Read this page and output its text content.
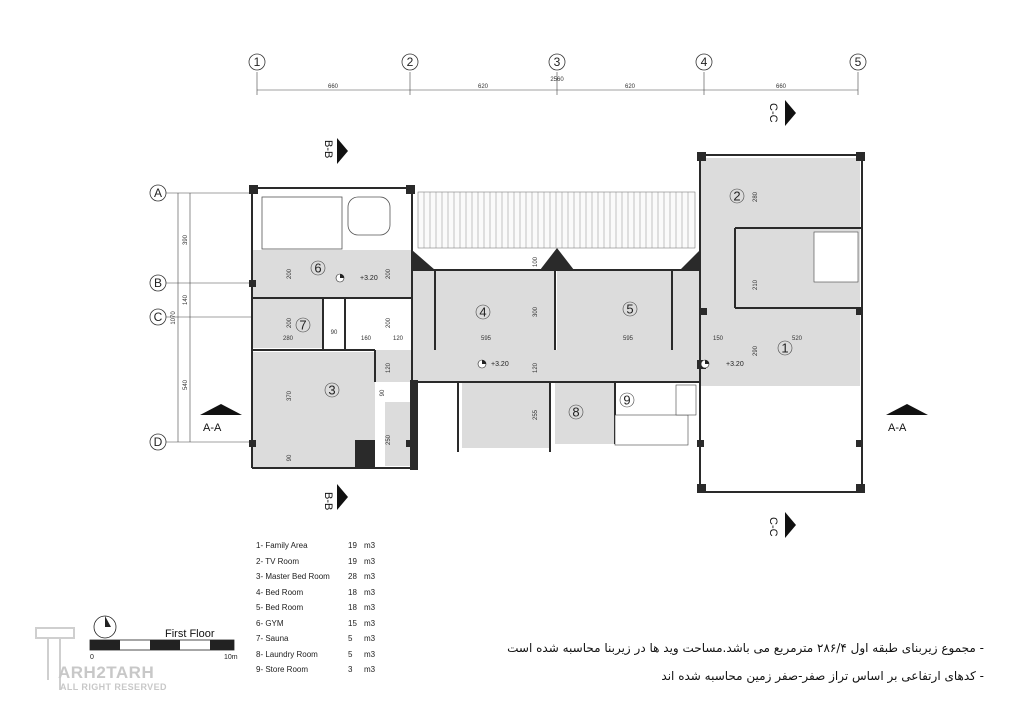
2560
660	620	620	660
1	2	3	4	5
A
B
C
D
390
140
540
1070
1
2
3
4	5
6
7
8
9
+3.20
+3.20	+3.20
280
210
200	200
200	200
280
90
160	120	595	595	150	520
290
100
300
370	90
250
255
120	120
90
B-B
B-B
C-C
C-C
A-A	A-A
ARH2TARH
ALL RIGHT RESERVED
0	10m
First Floor
1- Family Area	19 m3
2- TV Room	19 m3
3- Master Bed Room 28 m3
4- Bed Room	18 m3
5- Bed Room	18 m3
6- GYM	15 m3
7- Sauna	5 m3
8- Laundry Room	5 m3
9- Store Room	3 m3
- مجموع زیربنای طبقه اول ۲۸۶/۴ مترمربع می باشد.مساحت وید ها در زیربنا محاسبه شده است
- کدهای ارتفاعی بر اساس تراز صفر-صفر زمین محاسبه شده اند
